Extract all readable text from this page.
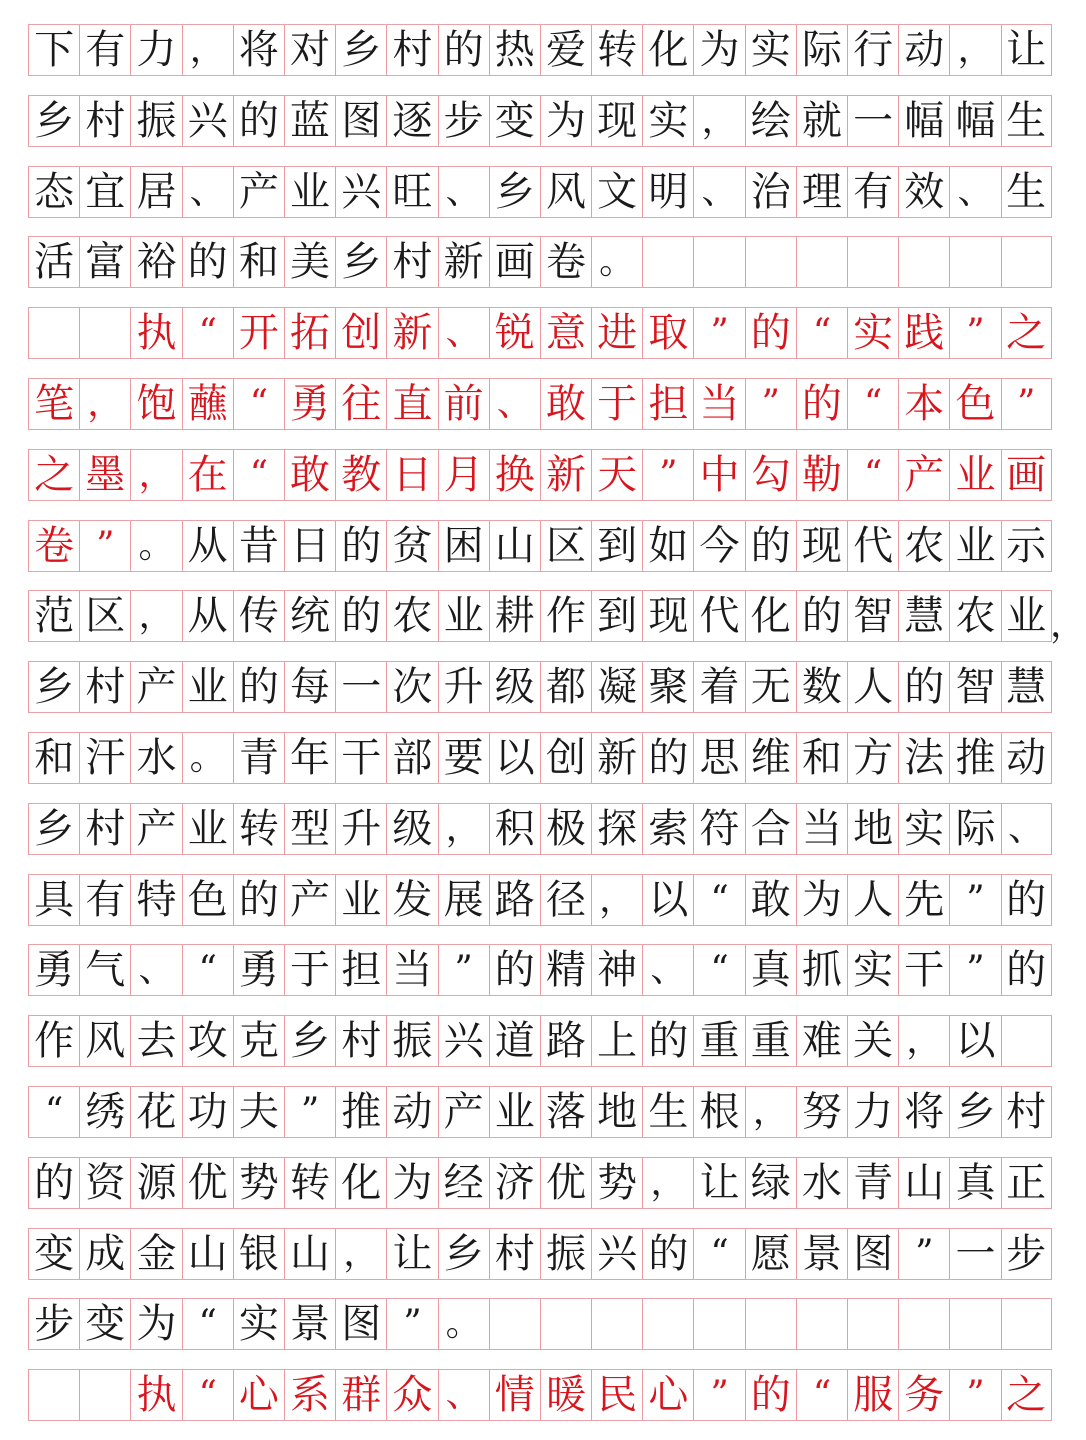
下 有 力 ， 将 对 乡 村 的 热 爱 转 化 为 实 际 行 动 ， 让
乡 村 振 兴 的 蓝 图 逐 步 变 为 现 实 ， 绘 就 一 幅 幅 生
态 宜 居 、 产 业 兴 旺 、 乡 风 文 明 、 治 理 有 效 、 生
活 富 裕 的 和 美 乡 村 新 画 卷 。
执 “ 开 拓 创 新 、 锐 意 进 取 ” 的 “ 实 践 ” 之
笔 ， 饱 蘸 “ 勇 往 直 前 、 敢 于 担 当 ” 的 “ 本 色 ”
之 墨 ， 在 “ 敢 教 日 月 换 新 天 ” 中 勾 勒 “ 产 业 画
卷 ” 。 从 昔 日 的 贫 困 山 区 到 如 今 的 现 代 农 业 示
范 区 ， 从 传 统 的 农 业 耕 作 到 现 代 化 的 智 慧 农 业 ，
乡 村 产 业 的 每 一 次 升 级 都 凝 聚 着 无 数 人 的 智 慧
和 汗 水 。 青 年 干 部 要 以 创 新 的 思 维 和 方 法 推 动
乡 村 产 业 转 型 升 级 ， 积 极 探 索 符 合 当 地 实 际 、
具 有 特 色 的 产 业 发 展 路 径 ， 以 “ 敢 为 人 先 ” 的
勇 气 、 “ 勇 于 担 当 ” 的 精 神 、 “ 真 抓 实 干 ” 的
作 风 去 攻 克 乡 村 振 兴 道 路 上 的 重 重 难 关 ， 以
“ 绣 花 功 夫 ” 推 动 产 业 落 地 生 根 ， 努 力 将 乡 村
的 资 源 优 势 转 化 为 经 济 优 势 ， 让 绿 水 青 山 真 正
变 成 金 山 银 山 ， 让 乡 村 振 兴 的 “ 愿 景 图 ” 一 步
步 变 为 “ 实 景 图 ” 。
执 “ 心 系 群 众 、 情 暖 民 心 ” 的 “ 服 务 ” 之
